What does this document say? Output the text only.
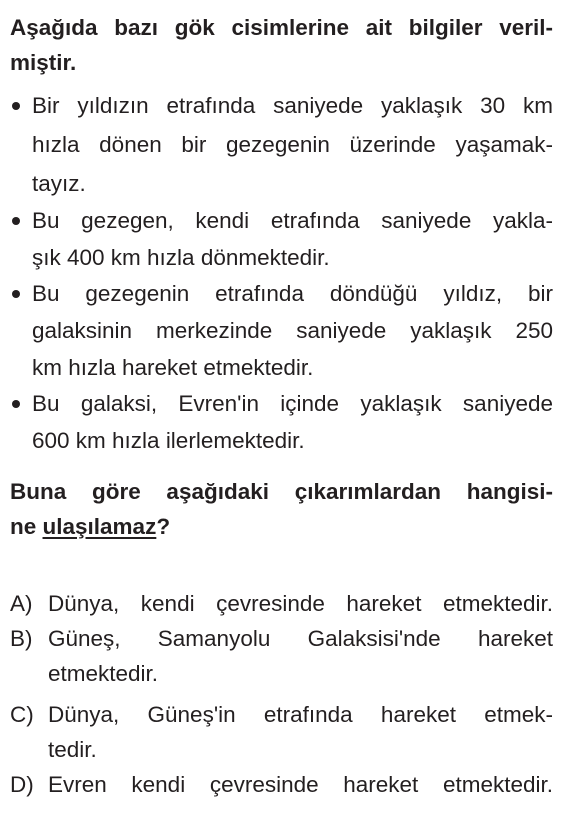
Aşağıda bazı gök cisimlerine ait bilgiler veril-
miştir.
Bir yıldızın etrafında saniyede yaklaşık 30 km
hızla dönen bir gezegenin üzerinde yaşamak-
tayız.
Bu gezegen, kendi etrafında saniyede yakla-
şık 400 km hızla dönmektedir.
Bu gezegenin etrafında döndüğü yıldız, bir
galaksinin merkezinde saniyede yaklaşık 250
km hızla hareket etmektedir.
Bu galaksi, Evren'in içinde yaklaşık saniyede
600 km hızla ilerlemektedir.
Buna göre aşağıdaki çıkarımlardan hangisi-
ne ulaşılamaz?
A) Dünya, kendi çevresinde hareket etmektedir.
B) Güneş, Samanyolu Galaksisi'nde hareket
etmektedir.
C) Dünya, Güneş'in etrafında hareket etmek-
tedir.
D) Evren kendi çevresinde hareket etmektedir.
